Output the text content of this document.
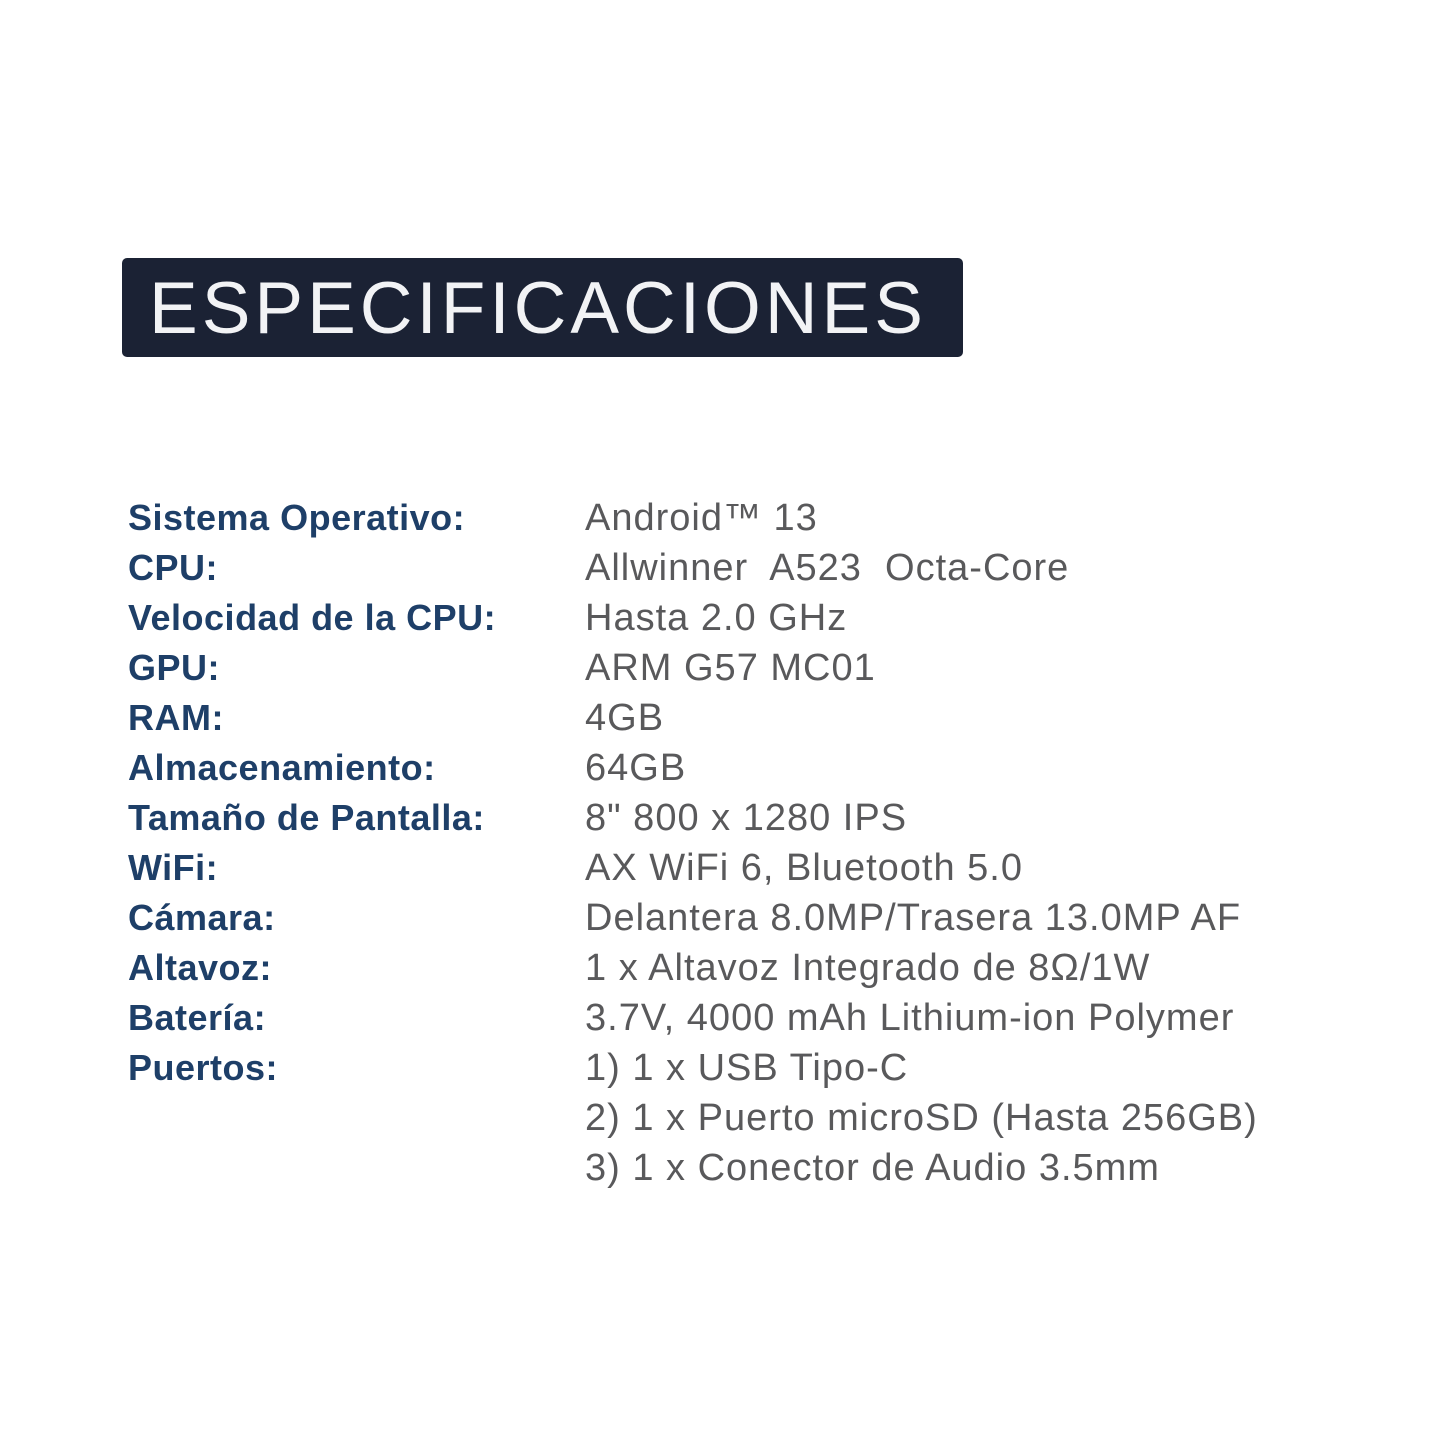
ESPECIFICACIONES
Sistema Operativo:	Android™ 13
CPU:	Allwinner  A523  Octa-Core
Velocidad de la CPU:	Hasta 2.0 GHz
GPU:	ARM G57 MC01
RAM:	4GB
Almacenamiento:	64GB
Tamaño de Pantalla:	8" 800 x 1280 IPS
WiFi:	AX WiFi 6, Bluetooth 5.0
Cámara:	Delantera 8.0MP/Trasera 13.0MP AF
Altavoz:	1 x Altavoz Integrado de 8Ω/1W
Batería:	3.7V, 4000 mAh Lithium-ion Polymer
Puertos:	1) 1 x USB Tipo-C
2) 1 x Puerto microSD (Hasta 256GB)
3) 1 x Conector de Audio 3.5mm
